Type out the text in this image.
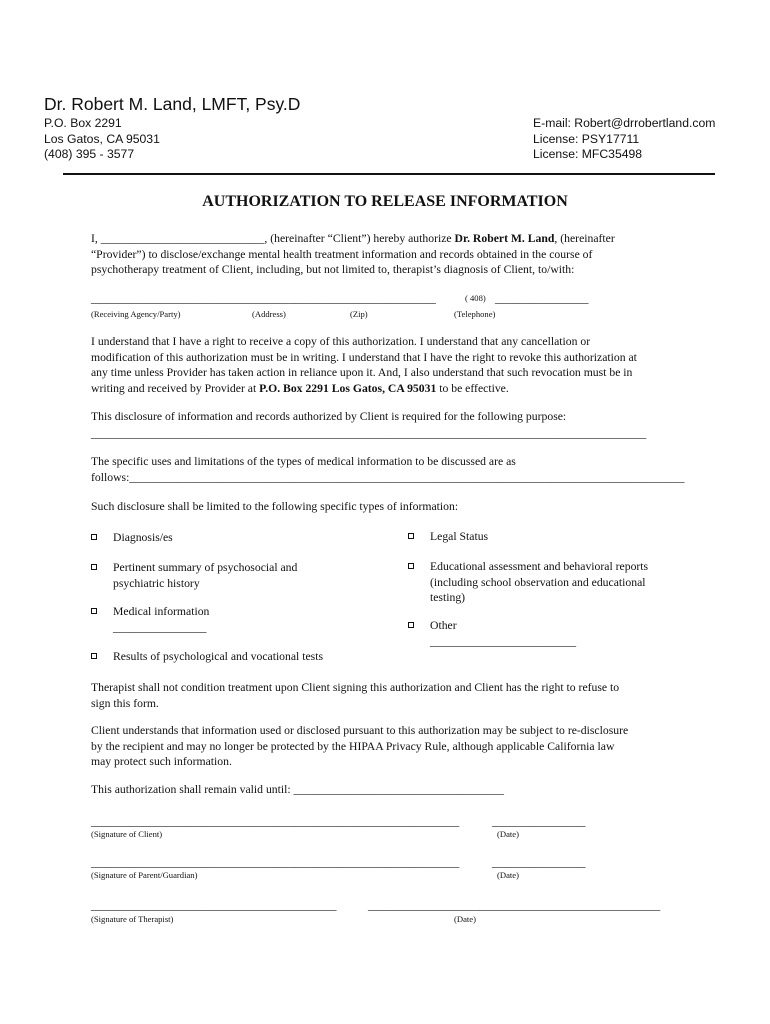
Dr. Robert M. Land, LMFT, Psy.D
P.O. Box 2291
Los Gatos, CA 95031
(408) 395 - 3577
E-mail: Robert@drrobertland.com
License: PSY17711
License: MFC35498
AUTHORIZATION TO RELEASE INFORMATION
I, ____________________________, (hereinafter “Client”) hereby authorize Dr. Robert M. Land, (hereinafter
“Provider”) to disclose/exchange mental health treatment information and records obtained in the course of
psychotherapy treatment of Client, including, but not limited to, therapist’s diagnosis of Client, to/with:
___________________________________________________________	( 408) ________________
(Receiving Agency/Party)	(Address)	(Zip)	(Telephone)
I understand that I have a right to receive a copy of this authorization. I understand that any cancellation or
modification of this authorization must be in writing. I understand that I have the right to revoke this authorization at
any time unless Provider has taken action in reliance upon it. And, I also understand that such revocation must be in
writing and received by Provider at P.O. Box 2291 Los Gatos, CA 95031 to be effective.
This disclosure of information and records authorized by Client is required for the following purpose:
_______________________________________________________________________________________________
The specific uses and limitations of the types of medical information to be discussed are as
follows:_______________________________________________________________________________________________
Such disclosure shall be limited to the following specific types of information:
Diagnosis/es
Pertinent summary of psychosocial and
psychiatric history
Medical information
________________
Results of psychological and vocational tests
Legal Status
Educational assessment and behavioral reports
(including school observation and educational
testing)
Other
_________________________
Therapist shall not condition treatment upon Client signing this authorization and Client has the right to refuse to
sign this form.
Client understands that information used or disclosed pursuant to this authorization may be subject to re-disclosure
by the recipient and may no longer be protected by the HIPAA Privacy Rule, although applicable California law
may protect such information.
This authorization shall remain valid until: ____________________________________
_______________________________________________________________	________________
(Signature of Client)	(Date)
_______________________________________________________________	________________
(Signature of Parent/Guardian)	(Date)
__________________________________________	__________________________________________________
(Signature of Therapist)	(Date)
